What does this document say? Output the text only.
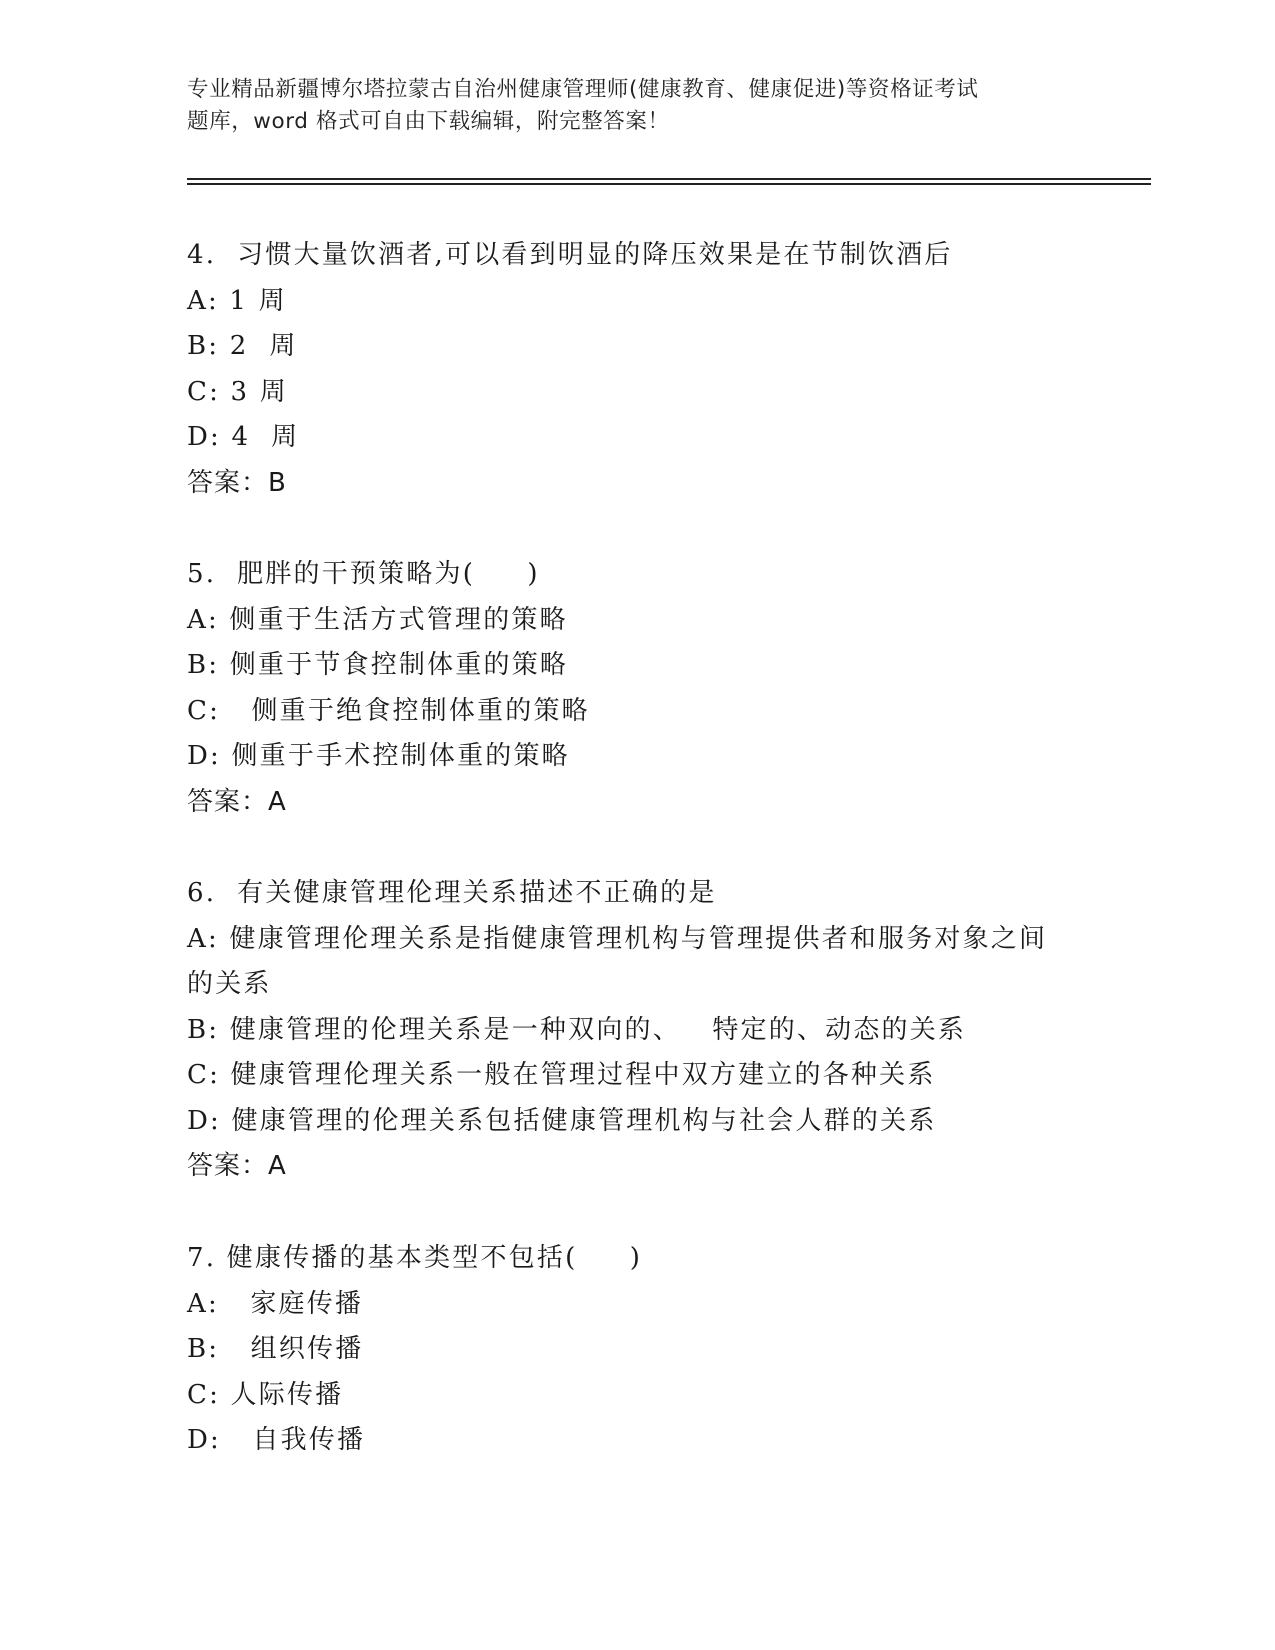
专业精品新疆博尔塔拉蒙古自治州健康管理师(健康教育、健康促进)等资格证考试
题库，word 格式可自由下载编辑，附完整答案！
4.  习惯大量饮酒者,可以看到明显的降压效果是在节制饮酒后
A: 1 周
B: 2  周
C: 3 周
D: 4  周
答案：B
5.  肥胖的干预策略为(     )
A: 侧重于生活方式管理的策略
B: 侧重于节食控制体重的策略
C:   侧重于绝食控制体重的策略
D: 侧重于手术控制体重的策略
答案：A
6.  有关健康管理伦理关系描述不正确的是
A: 健康管理伦理关系是指健康管理机构与管理提供者和服务对象之间
的关系
B: 健康管理的伦理关系是一种双向的、   特定的、动态的关系
C: 健康管理伦理关系一般在管理过程中双方建立的各种关系
D: 健康管理的伦理关系包括健康管理机构与社会人群的关系
答案：A
7. 健康传播的基本类型不包括(     )
A:   家庭传播
B:   组织传播
C: 人际传播
D:   自我传播
